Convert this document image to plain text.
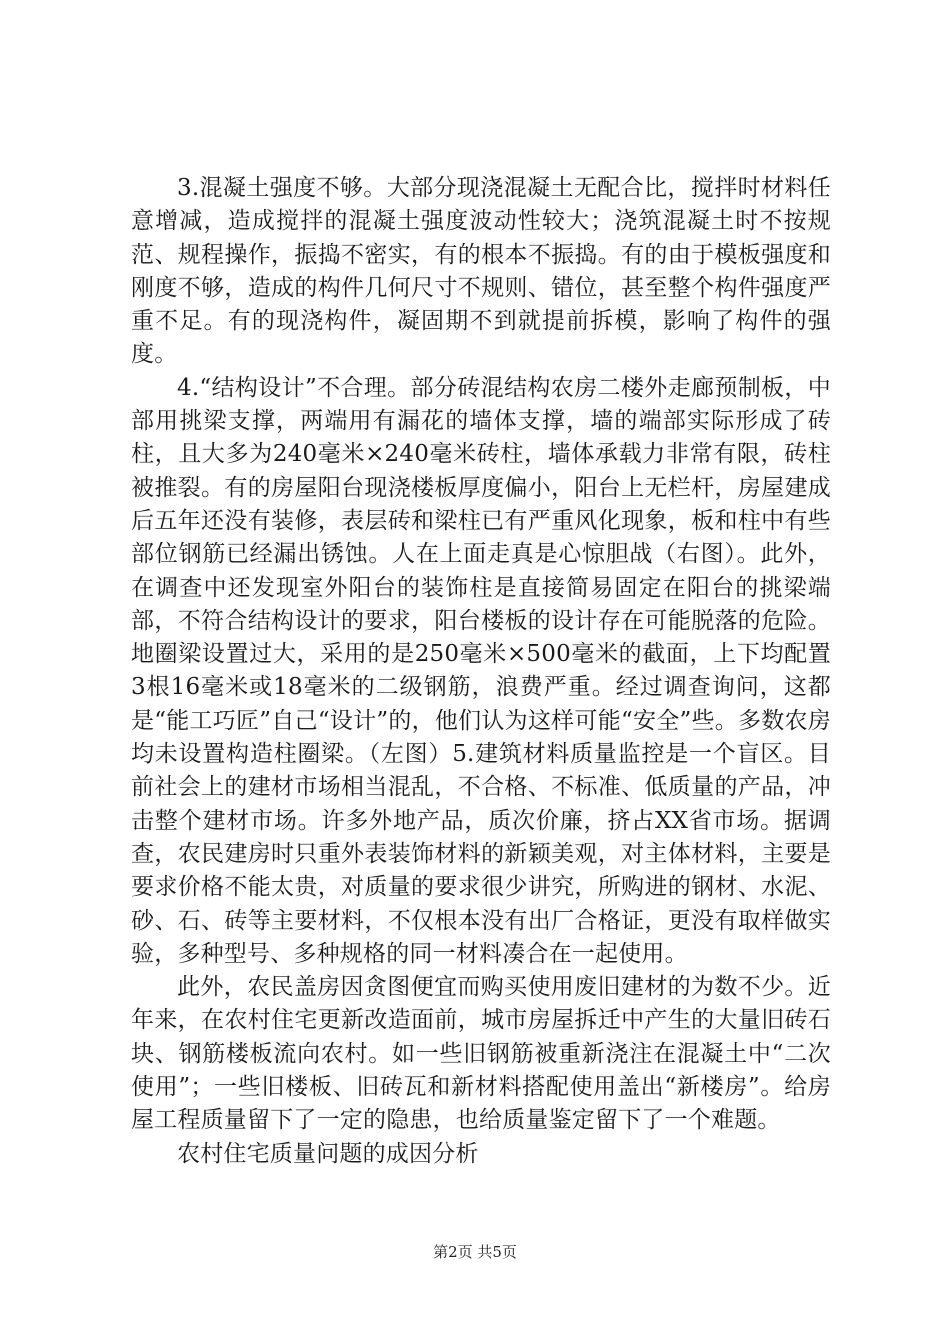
3.混凝土强度不够。大部分现浇混凝土无配合比，搅拌时材料任意增减，造成搅拌的混凝土强度波动性较大；浇筑混凝土时不按规范、规程操作，振捣不密实，有的根本不振捣。有的由于模板强度和刚度不够，造成的构件几何尺寸不规则、错位，甚至整个构件强度严重不足。有的现浇构件，凝固期不到就提前拆模，影响了构件的强度。

4.“结构设计”不合理。部分砖混结构农房二楼外走廊预制板，中部用挑梁支撑，两端用有漏花的墙体支撑，墙的端部实际形成了砖柱，且大多为240毫米×240毫米砖柱，墙体承载力非常有限，砖柱被推裂。有的房屋阳台现浇楼板厚度偏小，阳台上无栏杆，房屋建成后五年还没有装修，表层砖和梁柱已有严重风化现象，板和柱中有些部位钢筋已经漏出锈蚀。人在上面走真是心惊胆战（右图）。此外，在调查中还发现室外阳台的装饰柱是直接简易固定在阳台的挑梁端部，不符合结构设计的要求，阳台楼板的设计存在可能脱落的危险。地圈梁设置过大，采用的是250毫米×500毫米的截面，上下均配置3根16毫米或18毫米的二级钢筋，浪费严重。经过调查询问，这都是“能工巧匠”自己“设计”的，他们认为这样可能“安全”些。多数农房均未设置构造柱圈梁。（左图）5.建筑材料质量监控是一个盲区。目前社会上的建材市场相当混乱，不合格、不标准、低质量的产品，冲击整个建材市场。许多外地产品，质次价廉，挤占XX省市场。据调查，农民建房时只重外表装饰材料的新颖美观，对主体材料，主要是要求价格不能太贵，对质量的要求很少讲究，所购进的钢材、水泥、砂、石、砖等主要材料，不仅根本没有出厂合格证，更没有取样做实验，多种型号、多种规格的同一材料凑合在一起使用。

此外，农民盖房因贪图便宜而购买使用废旧建材的为数不少。近年来，在农村住宅更新改造面前，城市房屋拆迁中产生的大量旧砖石块、钢筋楼板流向农村。如一些旧钢筋被重新浇注在混凝土中“二次使用”；一些旧楼板、旧砖瓦和新材料搭配使用盖出“新楼房”。给房屋工程质量留下了一定的隐患，也给质量鉴定留下了一个难题。

农村住宅质量问题的成因分析

第2页 共5页
